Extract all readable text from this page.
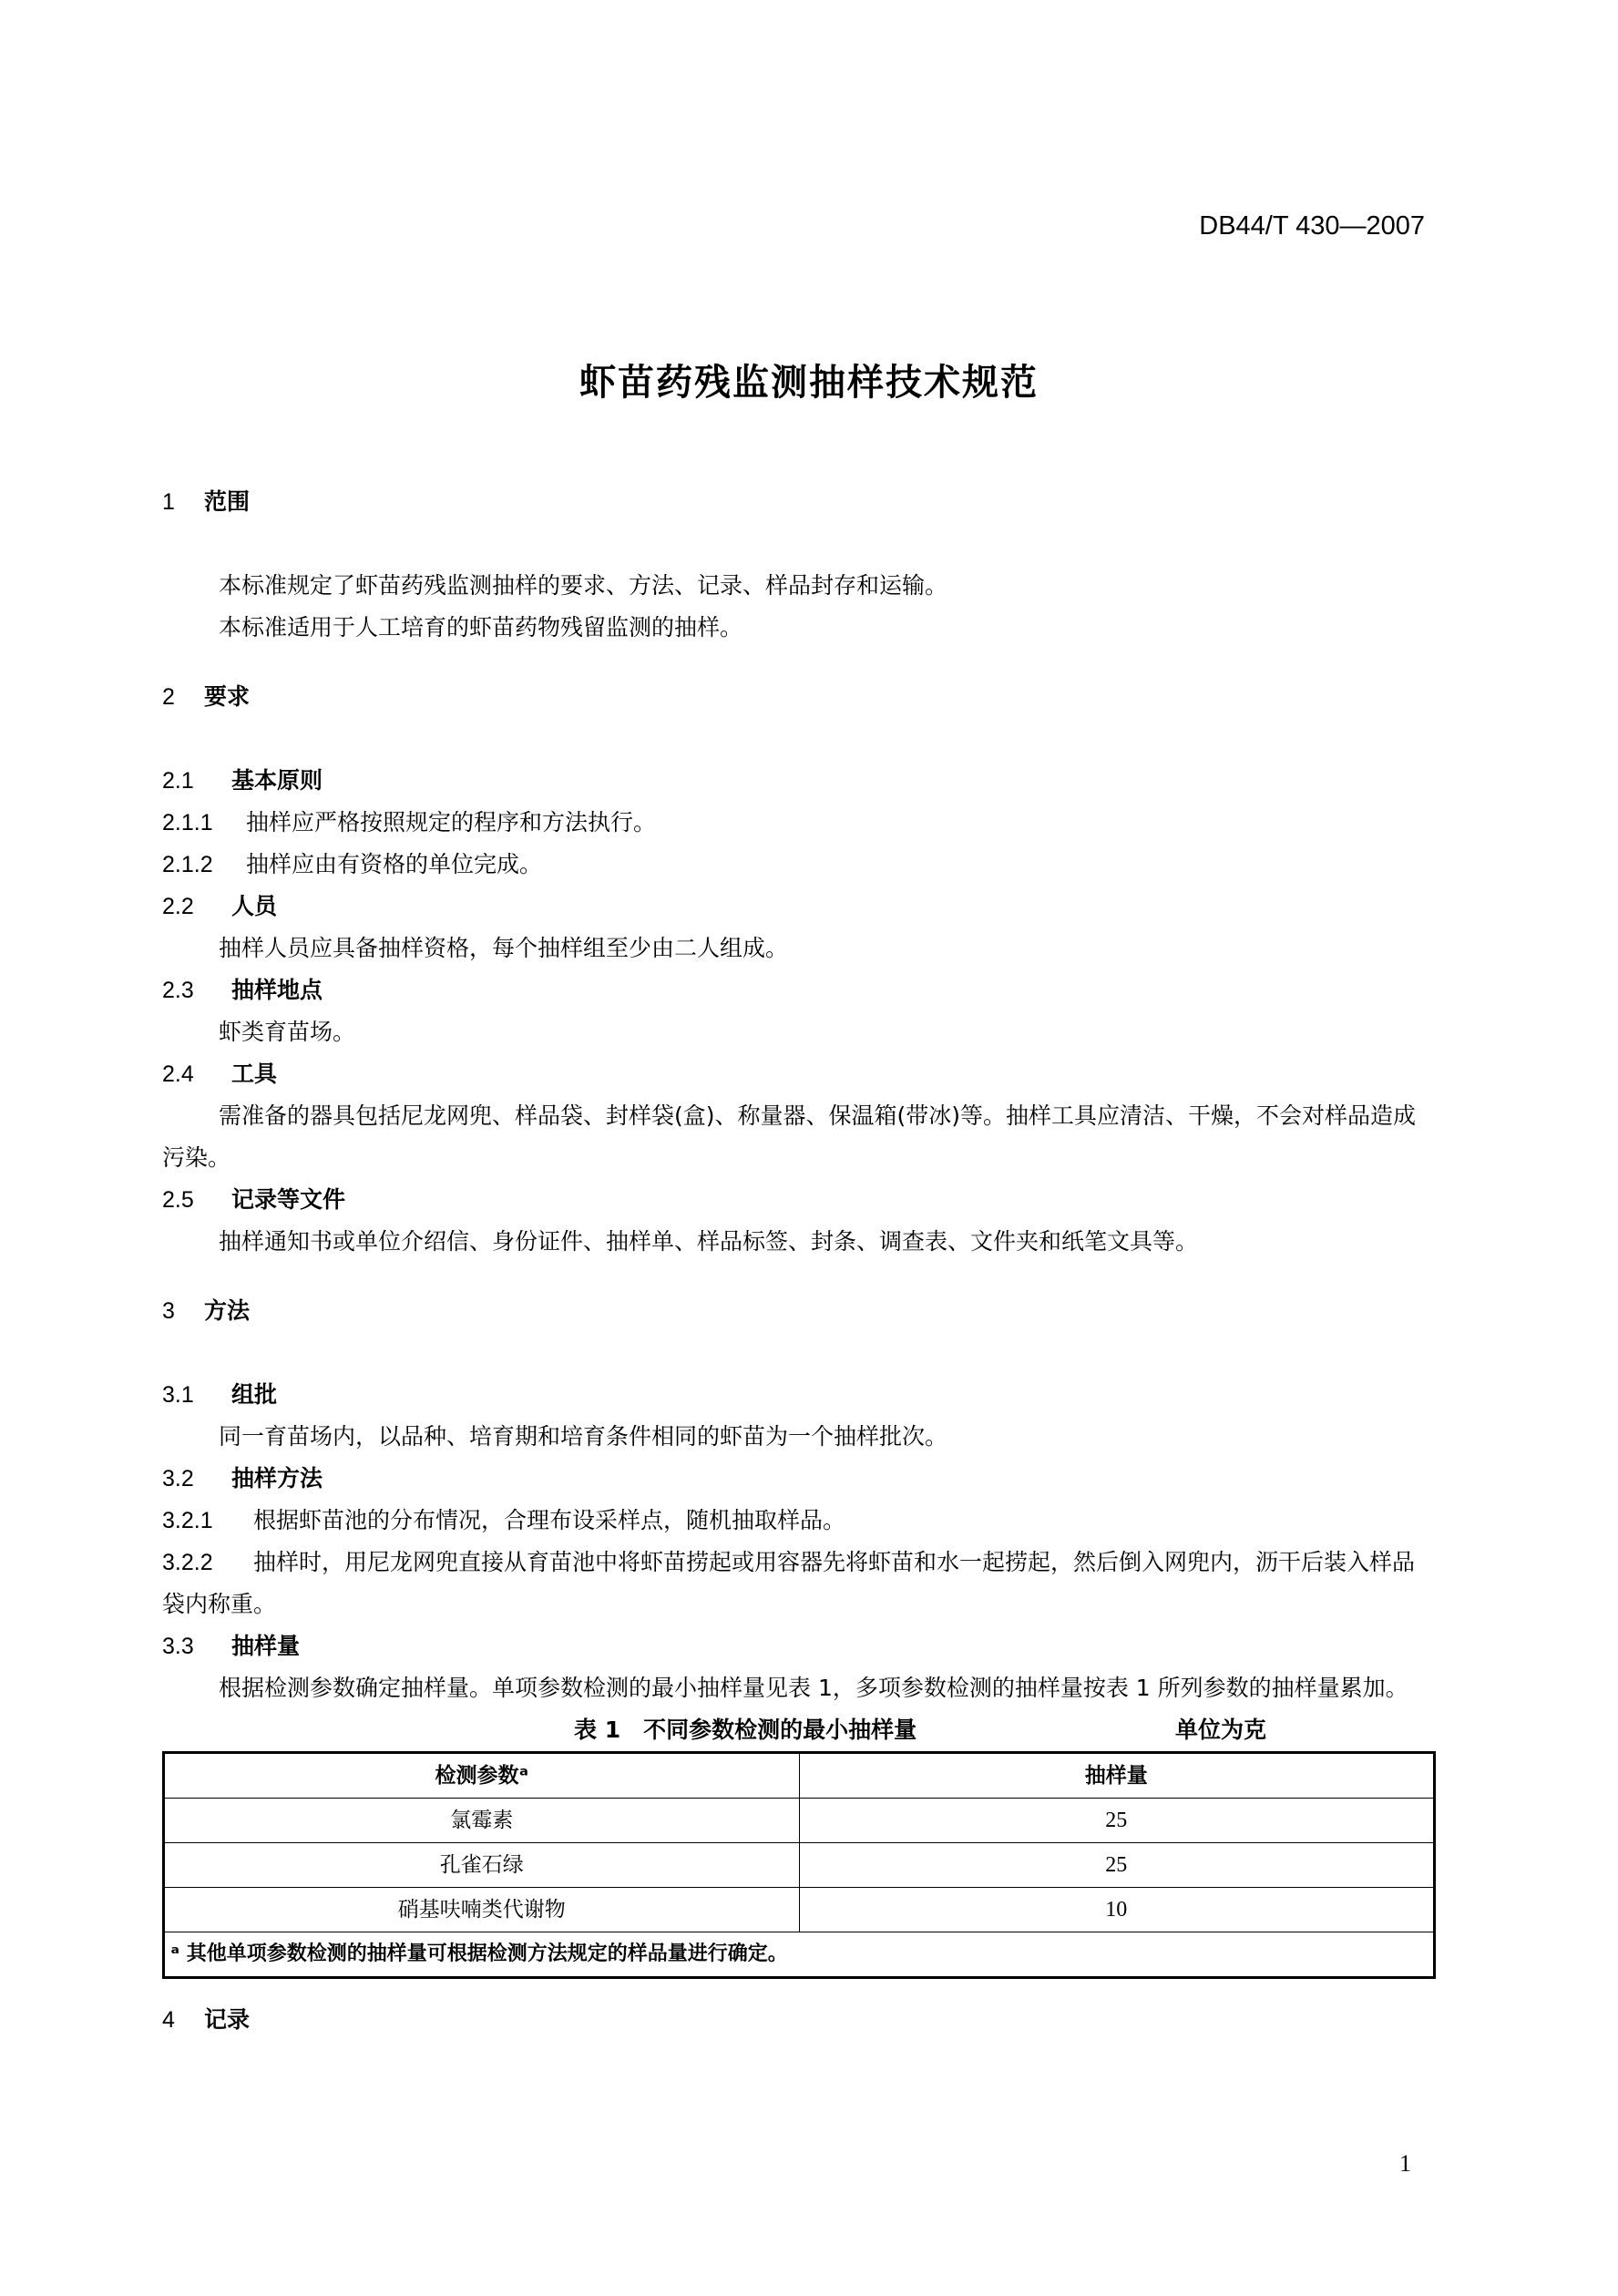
DB44/T 430—2007
虾苗药残监测抽样技术规范
1 范围
本标准规定了虾苗药残监测抽样的要求、方法、记录、样品封存和运输。
本标准适用于人工培育的虾苗药物残留监测的抽样。
2 要求
2.1 基本原则
2.1.1 抽样应严格按照规定的程序和方法执行。
2.1.2 抽样应由有资格的单位完成。
2.2 人员
抽样人员应具备抽样资格，每个抽样组至少由二人组成。
2.3 抽样地点
虾类育苗场。
2.4 工具
需准备的器具包括尼龙网兜、样品袋、封样袋(盒)、称量器、保温箱(带冰)等。抽样工具应清洁、干燥，不会对样品造成污染。
2.5 记录等文件
抽样通知书或单位介绍信、身份证件、抽样单、样品标签、封条、调查表、文件夹和纸笔文具等。
3 方法
3.1 组批
同一育苗场内，以品种、培育期和培育条件相同的虾苗为一个抽样批次。
3.2 抽样方法
3.2.1 根据虾苗池的分布情况，合理布设采样点，随机抽取样品。
3.2.2 抽样时，用尼龙网兜直接从育苗池中将虾苗捞起或用容器先将虾苗和水一起捞起，然后倒入网兜内，沥干后装入样品袋内称重。
3.3 抽样量
根据检测参数确定抽样量。单项参数检测的最小抽样量见表 1，多项参数检测的抽样量按表 1 所列参数的抽样量累加。
表 1　不同参数检测的最小抽样量	单位为克
检测参数ᵃ	抽样量
氯霉素	25
孔雀石绿	25
硝基呋喃类代谢物	10
ᵃ 其他单项参数检测的抽样量可根据检测方法规定的样品量进行确定。	
4 记录
1
